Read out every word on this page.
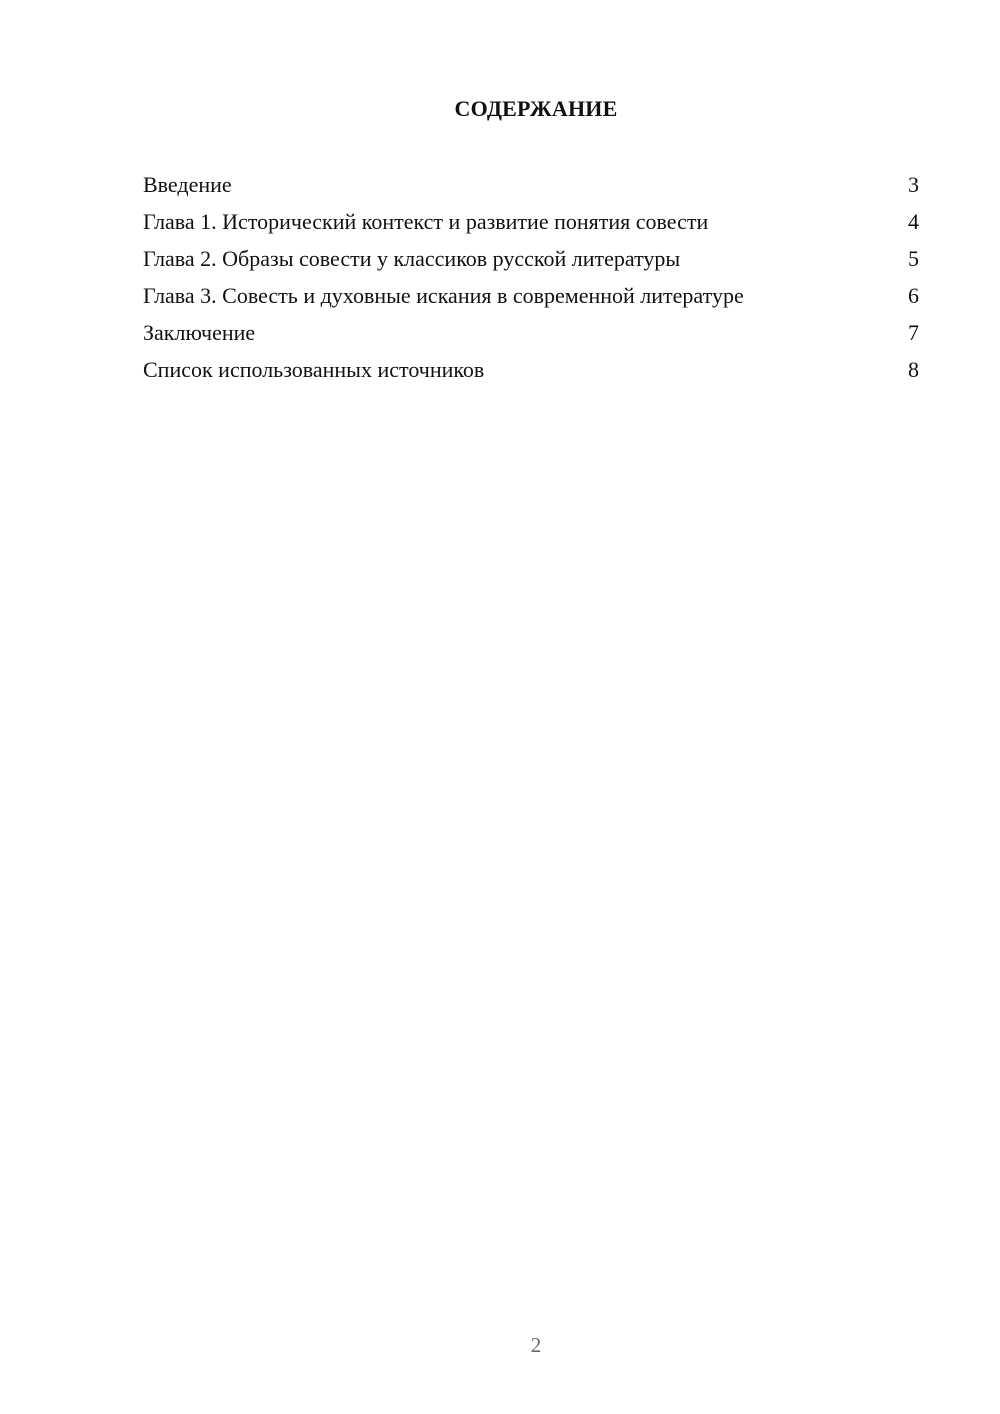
СОДЕРЖАНИЕ
Введение	3
Глава 1. Исторический контекст и развитие понятия совести	4
Глава 2. Образы совести у классиков русской литературы	5
Глава 3. Совесть и духовные искания в современной литературе	6
Заключение	7
Список использованных источников	8
2
